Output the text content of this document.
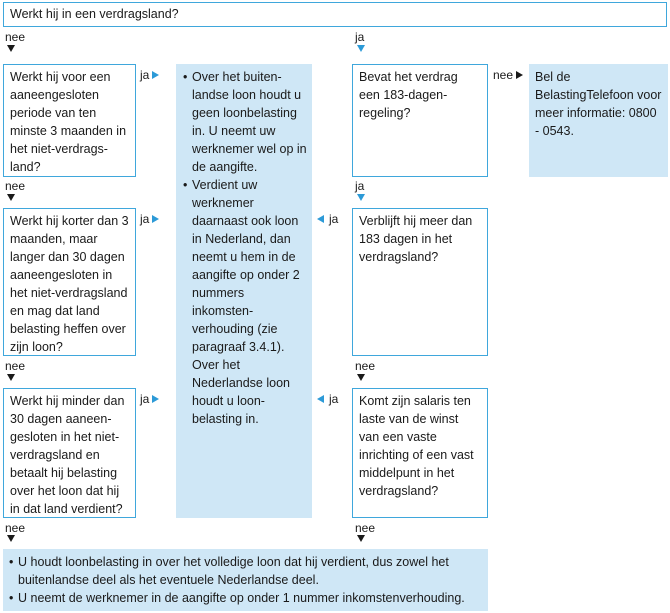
Werkt hij in een verdragsland?
nee	ja
Werkt hij voor een aaneengesloten periode van ten minste 3 maanden in het niet-verdrags-land?
ja
nee
Werkt hij korter dan 3 maanden, maar langer dan 30 dagen aaneengesloten in het niet-verdragsland en mag dat land belasting heffen over zijn loon?
ja
nee
Werkt hij minder dan 30 dagen aaneen-gesloten in het niet-verdragsland en betaalt hij belasting over het loon dat hij in dat land verdient?
ja
nee
• Over het buiten-landse loon houdt u geen loonbelasting in. U neemt uw werknemer wel op in de aangifte.
• Verdient uw werknemer daarnaast ook loon in Nederland, dan neemt u hem in de aangifte op onder 2 nummers inkomsten-verhouding (zie paragraaf 3.4.1). Over het Nederlandse loon houdt u loon-belasting in.
Bevat het verdrag een 183-dagen-regeling?
nee	Bel de BelastingTelefoon voor meer informatie: 0800 - 0543.
ja
Verblijft hij meer dan 183 dagen in het verdragsland?
ja
nee
Komt zijn salaris ten laste van de winst van een vaste inrichting of een vast middelpunt in het verdragsland?
ja
nee
• U houdt loonbelasting in over het volledige loon dat hij verdient, dus zowel het buitenlandse deel als het eventuele Nederlandse deel.
• U neemt de werknemer in de aangifte op onder 1 nummer inkomstenverhouding.
